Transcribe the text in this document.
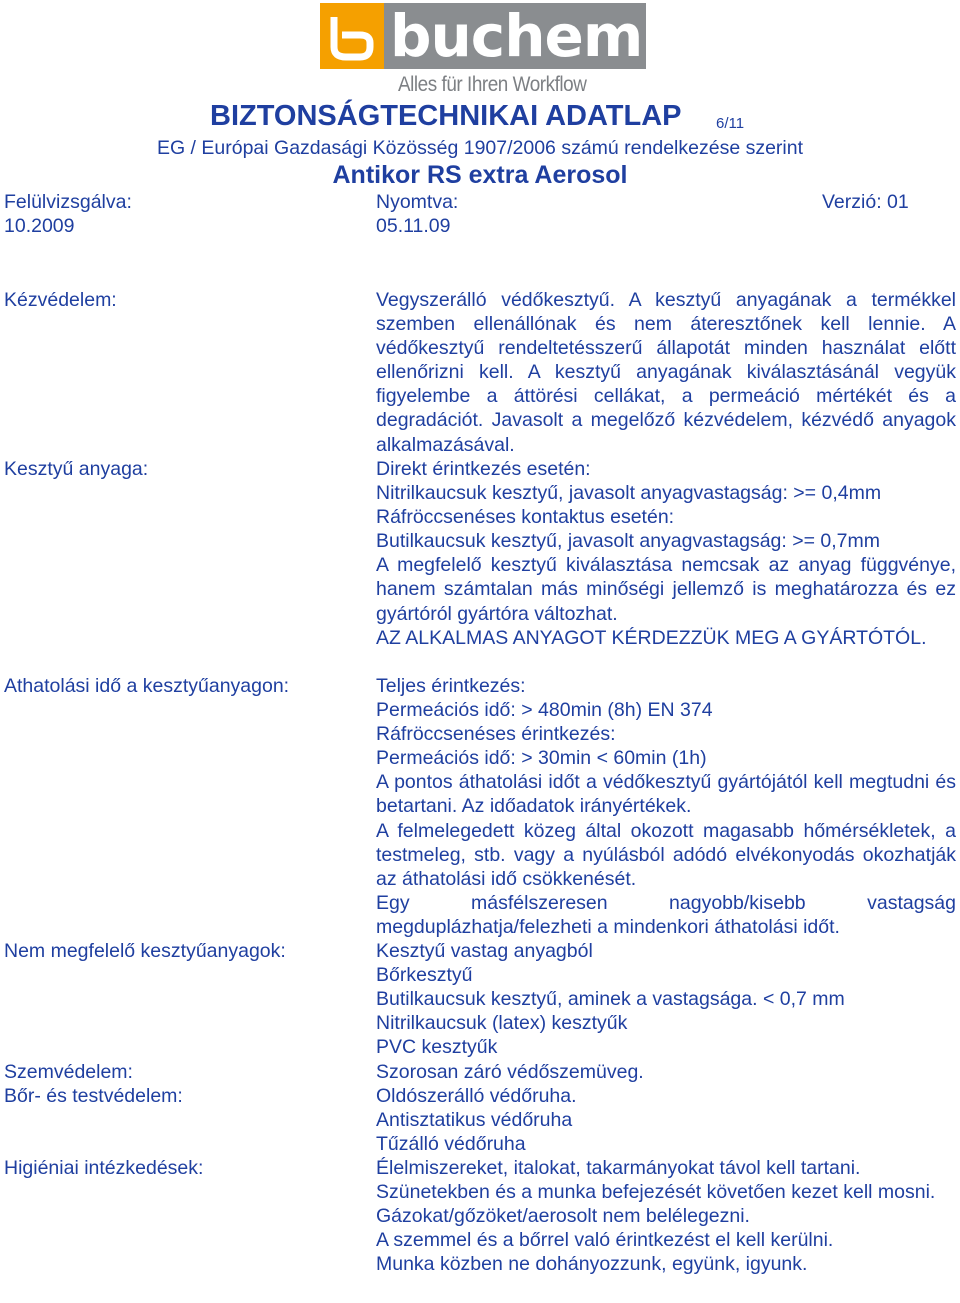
buchem
Alles für Ihren Workflow
BIZTONSÁGTECHNIKAI ADATLAP 6/11
EG / Európai Gazdasági Közösség 1907/2006 számú rendelkezése szerint
Antikor RS extra Aerosol
Felülvizsgálva:
10.2009
Nyomtva:
05.11.09
Verzió: 01
Kézvédelem:	Vegyszerálló védőkesztyű. A kesztyű anyagának a termékkel szemben ellenállónak és nem áteresztőnek kell lennie. A védőkesztyű rendeltetésszerű állapotát minden használat előtt ellenőrizni kell. A kesztyű anyagának kiválasztásánál vegyük figyelembe a áttörési cellákat, a permeáció mértékét és a degradációt. Javasolt a megelőző kézvédelem, kézvédő anyagok alkalmazásával.
Kesztyű anyaga:	Direkt érintkezés esetén:
Nitrilkaucsuk kesztyű, javasolt anyagvastagság: >= 0,4mm
Ráfröccsenéses kontaktus esetén:
Butilkaucsuk kesztyű, javasolt anyagvastagság: >= 0,7mm
A megfelelő kesztyű kiválasztása nemcsak az anyag függvénye, hanem számtalan más minőségi jellemző is meghatározza és ez gyártóról gyártóra változhat.
AZ ALKALMAS ANYAGOT KÉRDEZZÜK MEG A GYÁRTÓTÓL.
Athatolási idő a kesztyűanyagon:	Teljes érintkezés:
Permeációs idő: > 480min (8h) EN 374
Ráfröccsenéses érintkezés:
Permeációs idő: > 30min < 60min (1h)
A pontos áthatolási időt a védőkesztyű gyártójától kell megtudni és betartani. Az időadatok irányértékek.
A felmelegedett közeg által okozott magasabb hőmérsékletek, a testmeleg, stb. vagy a nyúlásból adódó elvékonyodás okozhatják az áthatolási idő csökkenését.
Egy másfélszeresen nagyobb/kisebb vastagság megduplázhatja/felezheti a mindenkori áthatolási időt.
Nem megfelelő kesztyűanyagok:	Kesztyű vastag anyagból
Bőrkesztyű
Butilkaucsuk kesztyű, aminek a vastagsága. < 0,7 mm
Nitrilkaucsuk (latex) kesztyűk
PVC kesztyűk
Szemvédelem:	Szorosan záró védőszemüveg.
Bőr- és testvédelem:	Oldószerálló védőruha.
Antisztatikus védőruha
Tűzálló védőruha
Higiéniai intézkedések:	Élelmiszereket, italokat, takarmányokat távol kell tartani.
Szünetekben és a munka befejezését követően kezet kell mosni.
Gázokat/gőzöket/aerosolt nem belélegezni.
A szemmel és a bőrrel való érintkezést el kell kerülni.
Munka közben ne dohányozzunk, együnk, igyunk.
